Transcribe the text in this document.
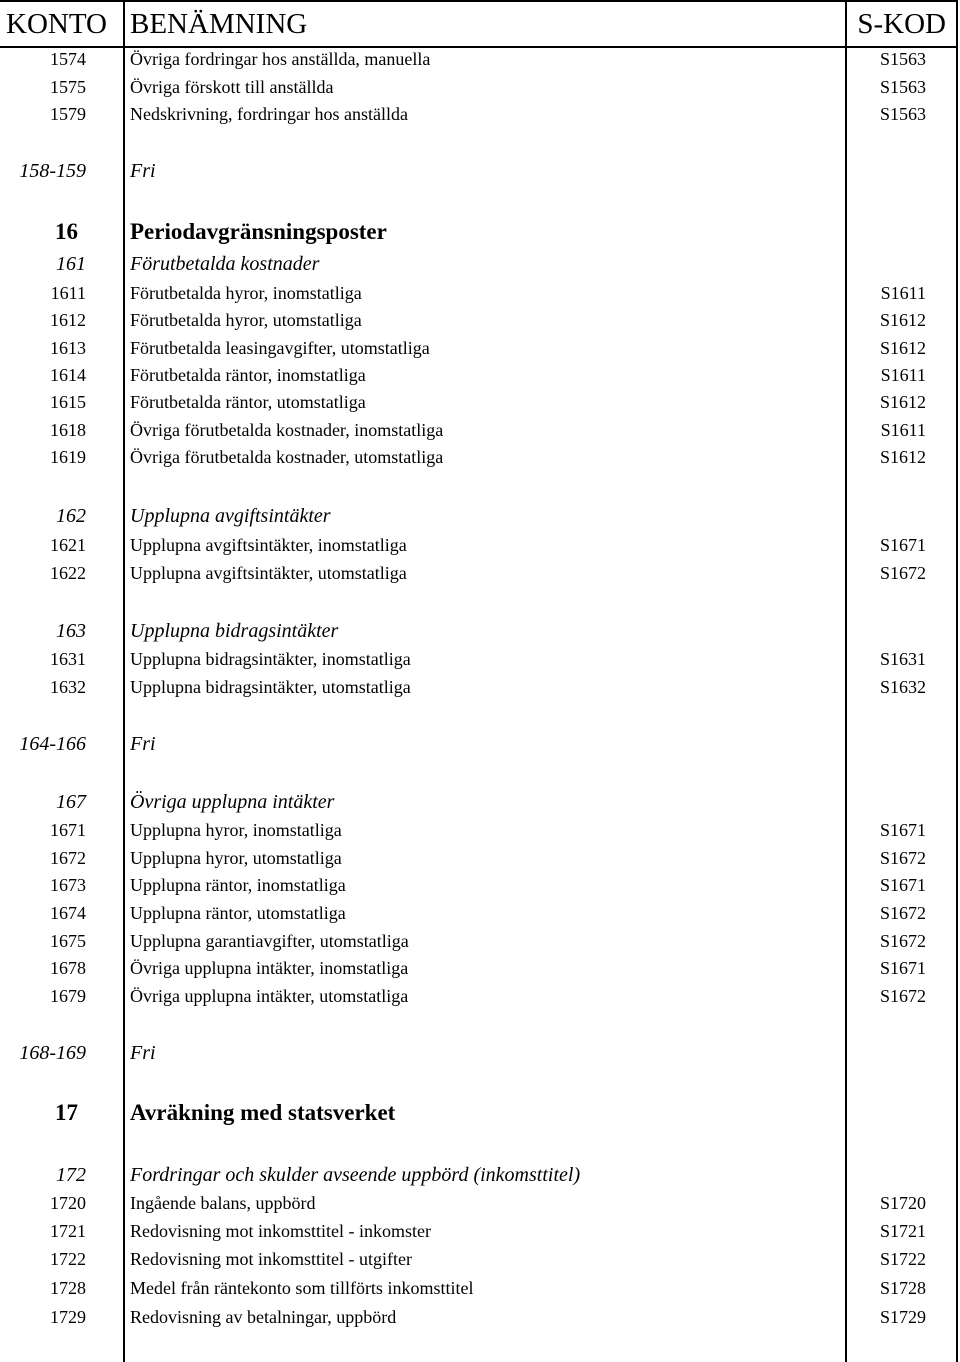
KONTO BENÄMNING	S-KOD
1574 Övriga fordringar hos anställda, manuella	S1563
1575 Övriga förskott till anställda	S1563
1579 Nedskrivning, fordringar hos anställda	S1563
158-159 Fri
16 Periodavgränsningsposter
161 Förutbetalda kostnader
1611 Förutbetalda hyror, inomstatliga	S1611
1612 Förutbetalda hyror, utomstatliga	S1612
1613 Förutbetalda leasingavgifter, utomstatliga	S1612
1614 Förutbetalda räntor, inomstatliga	S1611
1615 Förutbetalda räntor, utomstatliga	S1612
1618 Övriga förutbetalda kostnader, inomstatliga	S1611
1619 Övriga förutbetalda kostnader, utomstatliga	S1612
162 Upplupna avgiftsintäkter
1621 Upplupna avgiftsintäkter, inomstatliga	S1671
1622 Upplupna avgiftsintäkter, utomstatliga	S1672
163 Upplupna bidragsintäkter
1631 Upplupna bidragsintäkter, inomstatliga	S1631
1632 Upplupna bidragsintäkter, utomstatliga	S1632
164-166 Fri
167 Övriga upplupna intäkter
1671 Upplupna hyror, inomstatliga	S1671
1672 Upplupna hyror, utomstatliga	S1672
1673 Upplupna räntor, inomstatliga	S1671
1674 Upplupna räntor, utomstatliga	S1672
1675 Upplupna garantiavgifter, utomstatliga	S1672
1678 Övriga upplupna intäkter, inomstatliga	S1671
1679 Övriga upplupna intäkter, utomstatliga	S1672
168-169 Fri
17 Avräkning med statsverket
172 Fordringar och skulder avseende uppbörd (inkomsttitel)
1720 Ingående balans, uppbörd	S1720
1721 Redovisning mot inkomsttitel - inkomster	S1721
1722 Redovisning mot inkomsttitel - utgifter	S1722
1728 Medel från räntekonto som tillförts inkomsttitel	S1728
1729 Redovisning av betalningar, uppbörd	S1729
